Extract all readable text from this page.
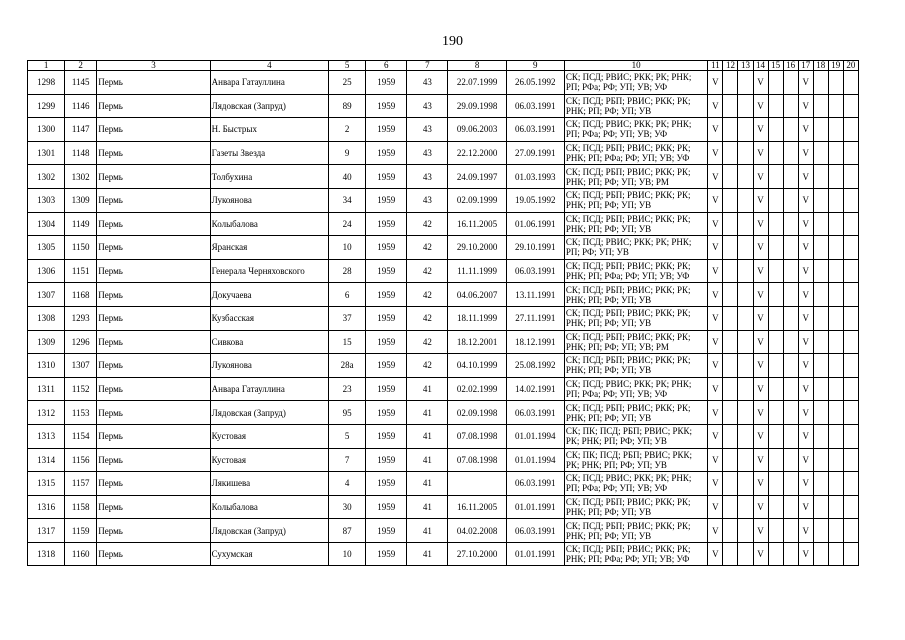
190
1	2	3	4	5	6	7	8	9	10	11	12	13	14	15	16	17	18	19	20
1298	1145	Пермь	Анвара Гатауллина	25	1959	43	22.07.1999	26.05.1992	СК; ПСД; РВИС; РКК; РК; РНК; РП; РФа; РФ; УП; УВ; УФ	V			V			V			
1299	1146	Пермь	Лядовская (Запруд)	89	1959	43	29.09.1998	06.03.1991	СК; ПСД; РБП; РВИС; РКК; РК; РНК; РП; РФ; УП; УВ	V			V			V			
1300	1147	Пермь	Н. Быстрых	2	1959	43	09.06.2003	06.03.1991	СК; ПСД; РВИС; РКК; РК; РНК; РП; РФа; РФ; УП; УВ; УФ	V			V			V			
1301	1148	Пермь	Газеты Звезда	9	1959	43	22.12.2000	27.09.1991	СК; ПСД; РБП; РВИС; РКК; РК; РНК; РП; РФа; РФ; УП; УВ; УФ	V			V			V			
1302	1302	Пермь	Толбухина	40	1959	43	24.09.1997	01.03.1993	СК; ПСД; РБП; РВИС; РКК; РК; РНК; РП; РФ; УП; УВ; РМ	V			V			V			
1303	1309	Пермь	Лукоянова	34	1959	43	02.09.1999	19.05.1992	СК; ПСД; РБП; РВИС; РКК; РК; РНК; РП; РФ; УП; УВ	V			V			V			
1304	1149	Пермь	Колыбалова	24	1959	42	16.11.2005	01.06.1991	СК; ПСД; РБП; РВИС; РКК; РК; РНК; РП; РФ; УП; УВ	V			V			V			
1305	1150	Пермь	Яранская	10	1959	42	29.10.2000	29.10.1991	СК; ПСД; РВИС; РКК; РК; РНК; РП; РФ; УП; УВ	V			V			V			
1306	1151	Пермь	Генерала Черняховского	28	1959	42	11.11.1999	06.03.1991	СК; ПСД; РБП; РВИС; РКК; РК; РНК; РП; РФа; РФ; УП; УВ; УФ	V			V			V			
1307	1168	Пермь	Докучаева	6	1959	42	04.06.2007	13.11.1991	СК; ПСД; РБП; РВИС; РКК; РК; РНК; РП; РФ; УП; УВ	V			V			V			
1308	1293	Пермь	Кузбасская	37	1959	42	18.11.1999	27.11.1991	СК; ПСД; РБП; РВИС; РКК; РК; РНК; РП; РФ; УП; УВ	V			V			V			
1309	1296	Пермь	Сивкова	15	1959	42	18.12.2001	18.12.1991	СК; ПСД; РБП; РВИС; РКК; РК; РНК; РП; РФ; УП; УВ; РМ	V			V			V			
1310	1307	Пермь	Лукоянова	28а	1959	42	04.10.1999	25.08.1992	СК; ПСД; РБП; РВИС; РКК; РК; РНК; РП; РФ; УП; УВ	V			V			V			
1311	1152	Пермь	Анвара Гатауллина	23	1959	41	02.02.1999	14.02.1991	СК; ПСД; РВИС; РКК; РК; РНК; РП; РФа; РФ; УП; УВ; УФ	V			V			V			
1312	1153	Пермь	Лядовская (Запруд)	95	1959	41	02.09.1998	06.03.1991	СК; ПСД; РБП; РВИС; РКК; РК; РНК; РП; РФ; УП; УВ	V			V			V			
1313	1154	Пермь	Кустовая	5	1959	41	07.08.1998	01.01.1994	СК; ПК; ПСД; РБП; РВИС; РКК; РК; РНК; РП; РФ; УП; УВ	V			V			V			
1314	1156	Пермь	Кустовая	7	1959	41	07.08.1998	01.01.1994	СК; ПК; ПСД; РБП; РВИС; РКК; РК; РНК; РП; РФ; УП; УВ	V			V			V			
1315	1157	Пермь	Лякишева	4	1959	41		06.03.1991	СК; ПСД; РВИС; РКК; РК; РНК; РП; РФа; РФ; УП; УВ; УФ	V			V			V			
1316	1158	Пермь	Колыбалова	30	1959	41	16.11.2005	01.01.1991	СК; ПСД; РБП; РВИС; РКК; РК; РНК; РП; РФ; УП; УВ	V			V			V			
1317	1159	Пермь	Лядовская (Запруд)	87	1959	41	04.02.2008	06.03.1991	СК; ПСД; РБП; РВИС; РКК; РК; РНК; РП; РФ; УП; УВ	V			V			V			
1318	1160	Пермь	Сухумская	10	1959	41	27.10.2000	01.01.1991	СК; ПСД; РБП; РВИС; РКК; РК; РНК; РП; РФа; РФ; УП; УВ; УФ	V			V			V			
